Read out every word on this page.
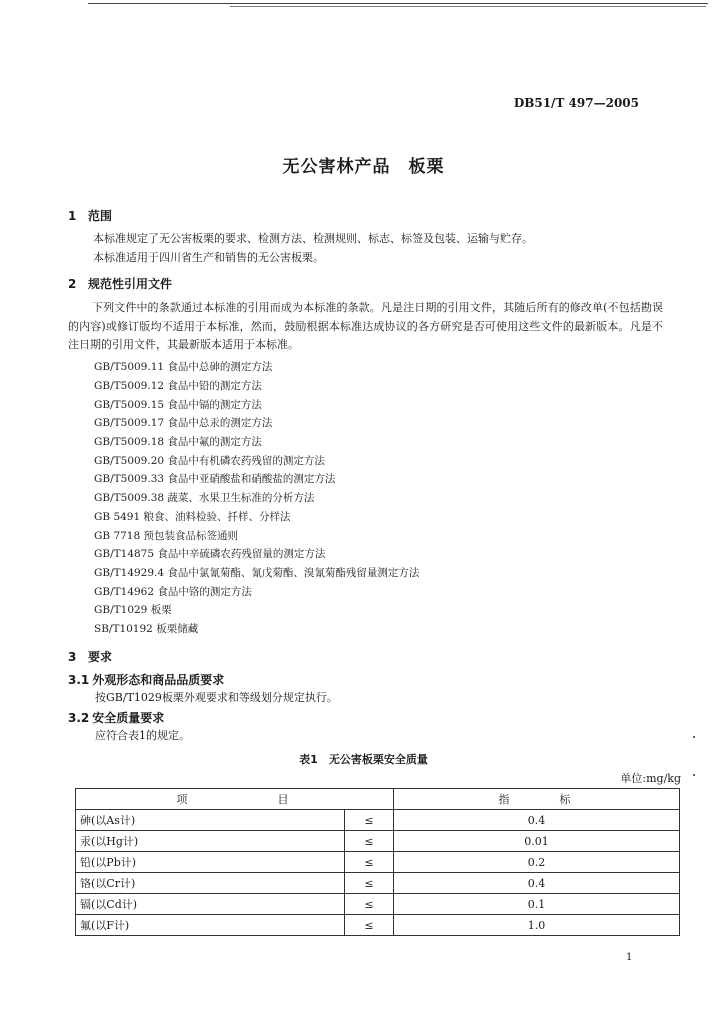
DB51/T 497—2005
无公害林产品　板栗
1 范围
本标准规定了无公害板栗的要求、检测方法、检测规则、标志、标签及包装、运输与贮存。
本标准适用于四川省生产和销售的无公害板栗。
2 规范性引用文件
下列文件中的条款通过本标准的引用而成为本标准的条款。凡是注日期的引用文件，其随后所有的修改单(不包括勘误的内容)或修订版均不适用于本标准，然而，鼓励根据本标准达成协议的各方研究是否可使用这些文件的最新版本。凡是不注日期的引用文件，其最新版本适用于本标准。
GB/T5009.11 食品中总砷的测定方法
GB/T5009.12 食品中铅的测定方法
GB/T5009.15 食品中镉的测定方法
GB/T5009.17 食品中总汞的测定方法
GB/T5009.18 食品中氟的测定方法
GB/T5009.20 食品中有机磷农药残留的测定方法
GB/T5009.33 食品中亚硝酸盐和硝酸盐的测定方法
GB/T5009.38 蔬菜、水果卫生标准的分析方法
GB 5491 粮食、油料检验、扦样、分样法
GB 7718 预包装食品标签通则
GB/T14875 食品中辛硫磷农药残留量的测定方法
GB/T14929.4 食品中氯氰菊酯、氰戊菊酯、溴氰菊酯残留量测定方法
GB/T14962 食品中铬的测定方法
GB/T1029 板栗
SB/T10192 板栗储藏
3 要求
3.1 外观形态和商品品质要求
按GB/T1029板栗外观要求和等级划分规定执行。
3.2 安全质量要求
应符合表1的规定。
表1　无公害板栗安全质量
单位:mg/kg
项目		指标
砷(以As计)	≤	0.4
汞(以Hg计)	≤	0.01
铅(以Pb计)	≤	0.2
铬(以Cr计)	≤	0.4
镉(以Cd计)	≤	0.1
氟(以F计)	≤	1.0
1
